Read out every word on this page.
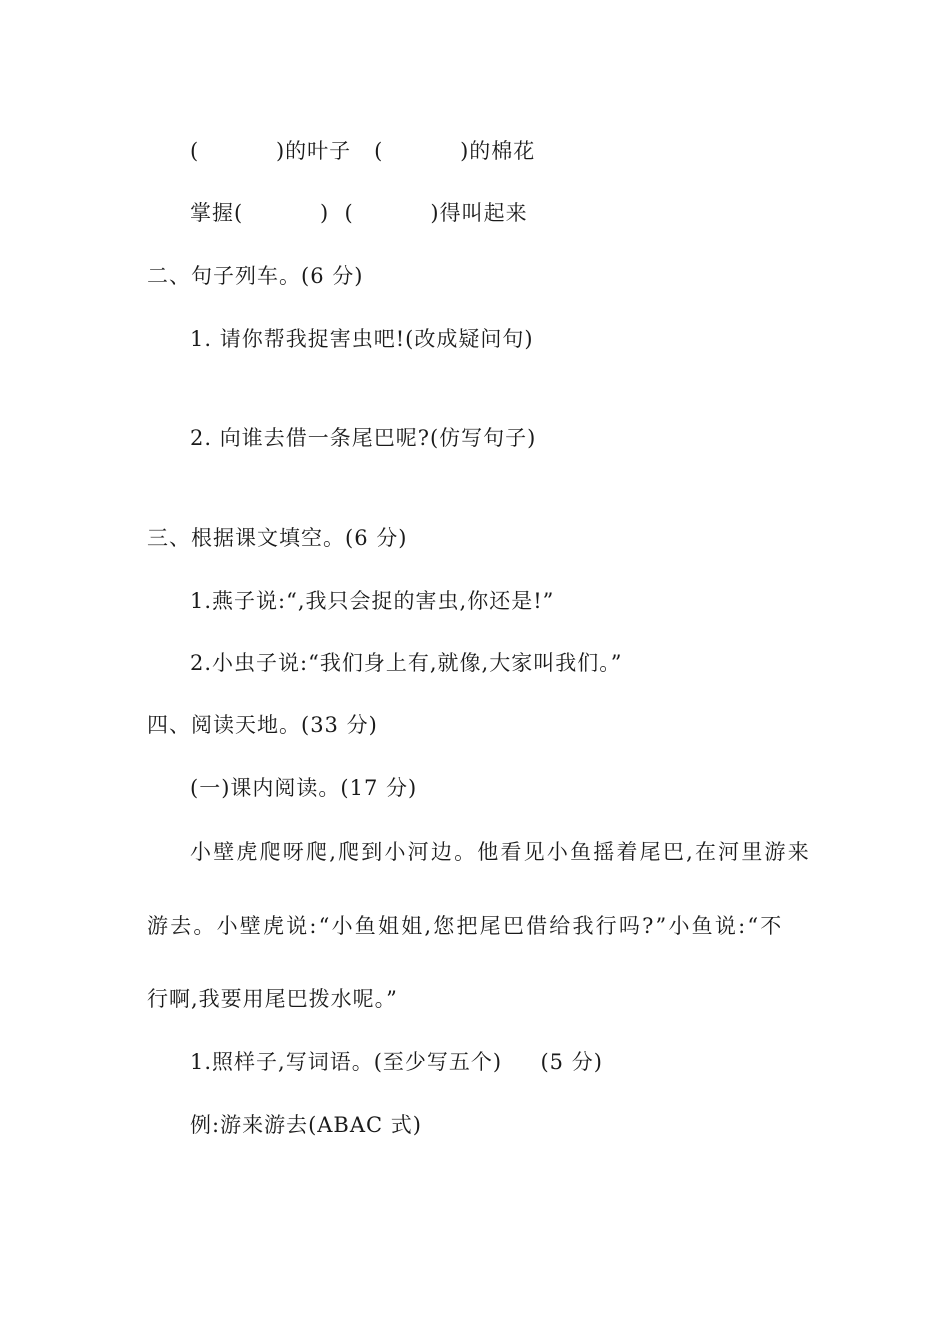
(          )的叶子   (          )的棉花
掌握(          )  (          )得叫起来
二、句子列车。(6 分)
1. 请你帮我捉害虫吧!(改成疑问句)
2. 向谁去借一条尾巴呢?(仿写句子)
三、根据课文填空。(6 分)
1.燕子说:“,我只会捉的害虫,你还是!”
2.小虫子说:“我们身上有,就像,大家叫我们。”
四、阅读天地。(33 分)
(一)课内阅读。(17 分)
小壁虎爬呀爬,爬到小河边。他看见小鱼摇着尾巴,在河里游来
游去。小壁虎说:“小鱼姐姐,您把尾巴借给我行吗?”小鱼说:“不
行啊,我要用尾巴拨水呢。”
1.照样子,写词语。(至少写五个)     (5 分)
例:游来游去(ABAC 式)
